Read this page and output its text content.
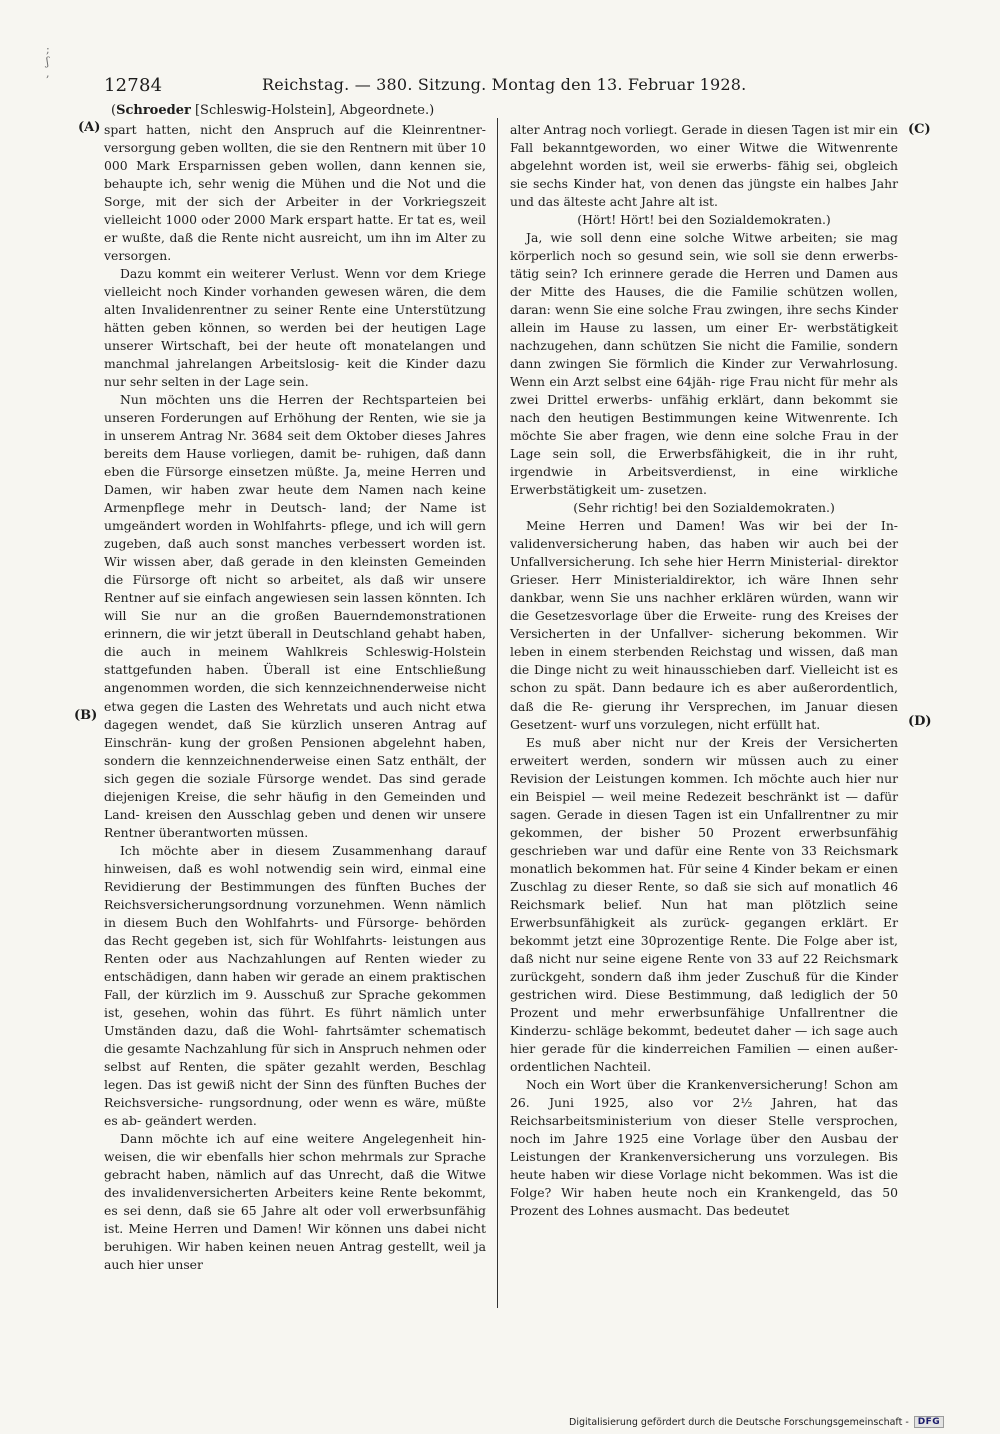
;
ʃ
,
12784	Reichstag. — 380. Sitzung. Montag den 13. Februar 1928.
(Schroeder [Schleswig-Holstein], Abgeordnete.)
(A)
(B)
(C)
(D)

spart hatten, nicht den Anspruch auf die Kleinrentner- versorgung geben wollten, die sie den Rentnern mit über 10 000 Mark Ersparnissen geben wollen, dann kennen sie, behaupte ich, sehr wenig die Mühen und die Not und die Sorge, mit der sich der Arbeiter in der Vorkriegszeit vielleicht 1000 oder 2000 Mark erspart hatte. Er tat es, weil er wußte, daß die Rente nicht ausreicht, um ihn im Alter zu versorgen.

Dazu kommt ein weiterer Verlust. Wenn vor dem Kriege vielleicht noch Kinder vorhanden gewesen wären, die dem alten Invalidenrentner zu seiner Rente eine Unterstützung hätten geben können, so werden bei der heutigen Lage unserer Wirtschaft, bei der heute oft monatelangen und manchmal jahrelangen Arbeitslosig- keit die Kinder dazu nur sehr selten in der Lage sein.

Nun möchten uns die Herren der Rechtsparteien bei unseren Forderungen auf Erhöhung der Renten, wie sie ja in unserem Antrag Nr. 3684 seit dem Oktober dieses Jahres bereits dem Hause vorliegen, damit be- ruhigen, daß dann eben die Fürsorge einsetzen müßte. Ja, meine Herren und Damen, wir haben zwar heute dem Namen nach keine Armenpflege mehr in Deutsch- land; der Name ist umgeändert worden in Wohlfahrts- pflege, und ich will gern zugeben, daß auch sonst manches verbessert worden ist. Wir wissen aber, daß gerade in den kleinsten Gemeinden die Fürsorge oft nicht so arbeitet, als daß wir unsere Rentner auf sie einfach angewiesen sein lassen könnten. Ich will Sie nur an die großen Bauerndemonstrationen erinnern, die wir jetzt überall in Deutschland gehabt haben, die auch in meinem Wahlkreis Schleswig-Holstein stattgefunden haben. Überall ist eine Entschließung angenommen worden, die sich kennzeichnenderweise nicht etwa gegen die Lasten des Wehretats und auch nicht etwa dagegen wendet, daß Sie kürzlich unseren Antrag auf Einschrän- kung der großen Pensionen abgelehnt haben, sondern die kennzeichnenderweise einen Satz enthält, der sich gegen die soziale Fürsorge wendet. Das sind gerade diejenigen Kreise, die sehr häufig in den Gemeinden und Land- kreisen den Ausschlag geben und denen wir unsere Rentner überantworten müssen.

Ich möchte aber in diesem Zusammenhang darauf hinweisen, daß es wohl notwendig sein wird, einmal eine Revidierung der Bestimmungen des fünften Buches der Reichsversicherungsordnung vorzunehmen. Wenn nämlich in diesem Buch den Wohlfahrts- und Fürsorge- behörden das Recht gegeben ist, sich für Wohlfahrts- leistungen aus Renten oder aus Nachzahlungen auf Renten wieder zu entschädigen, dann haben wir gerade an einem praktischen Fall, der kürzlich im 9. Ausschuß zur Sprache gekommen ist, gesehen, wohin das führt. Es führt nämlich unter Umständen dazu, daß die Wohl- fahrtsämter schematisch die gesamte Nachzahlung für sich in Anspruch nehmen oder selbst auf Renten, die später gezahlt werden, Beschlag legen. Das ist gewiß nicht der Sinn des fünften Buches der Reichsversiche- rungsordnung, oder wenn es wäre, müßte es ab- geändert werden.

Dann möchte ich auf eine weitere Angelegenheit hin- weisen, die wir ebenfalls hier schon mehrmals zur Sprache gebracht haben, nämlich auf das Unrecht, daß die Witwe des invalidenversicherten Arbeiters keine Rente bekommt, es sei denn, daß sie 65 Jahre alt oder voll erwerbsunfähig ist. Meine Herren und Damen! Wir können uns dabei nicht beruhigen. Wir haben keinen neuen Antrag gestellt, weil ja auch hier unser

alter Antrag noch vorliegt. Gerade in diesen Tagen ist mir ein Fall bekanntgeworden, wo einer Witwe die Witwenrente abgelehnt worden ist, weil sie erwerbs- fähig sei, obgleich sie sechs Kinder hat, von denen das jüngste ein halbes Jahr und das älteste acht Jahre alt ist.

(Hört! Hört! bei den Sozialdemokraten.)

Ja, wie soll denn eine solche Witwe arbeiten; sie mag körperlich noch so gesund sein, wie soll sie denn erwerbs- tätig sein? Ich erinnere gerade die Herren und Damen aus der Mitte des Hauses, die die Familie schützen wollen, daran: wenn Sie eine solche Frau zwingen, ihre sechs Kinder allein im Hause zu lassen, um einer Er- werbstätigkeit nachzugehen, dann schützen Sie nicht die Familie, sondern dann zwingen Sie förmlich die Kinder zur Verwahrlosung. Wenn ein Arzt selbst eine 64jäh- rige Frau nicht für mehr als zwei Drittel erwerbs- unfähig erklärt, dann bekommt sie nach den heutigen Bestimmungen keine Witwenrente. Ich möchte Sie aber fragen, wie denn eine solche Frau in der Lage sein soll, die Erwerbsfähigkeit, die in ihr ruht, irgendwie in Arbeitsverdienst, in eine wirkliche Erwerbstätigkeit um- zusetzen.

(Sehr richtig! bei den Sozialdemokraten.)

Meine Herren und Damen! Was wir bei der In- validenversicherung haben, das haben wir auch bei der Unfallversicherung. Ich sehe hier Herrn Ministerial- direktor Grieser. Herr Ministerialdirektor, ich wäre Ihnen sehr dankbar, wenn Sie uns nachher erklären würden, wann wir die Gesetzesvorlage über die Erweite- rung des Kreises der Versicherten in der Unfallver- sicherung bekommen. Wir leben in einem sterbenden Reichstag und wissen, daß man die Dinge nicht zu weit hinausschieben darf. Vielleicht ist es schon zu spät. Dann bedaure ich es aber außerordentlich, daß die Re- gierung ihr Versprechen, im Januar diesen Gesetzent- wurf uns vorzulegen, nicht erfüllt hat.

Es muß aber nicht nur der Kreis der Versicherten erweitert werden, sondern wir müssen auch zu einer Revision der Leistungen kommen. Ich möchte auch hier nur ein Beispiel — weil meine Redezeit beschränkt ist — dafür sagen. Gerade in diesen Tagen ist ein Unfallrentner zu mir gekommen, der bisher 50 Prozent erwerbsunfähig geschrieben war und dafür eine Rente von 33 Reichsmark monatlich bekommen hat. Für seine 4 Kinder bekam er einen Zuschlag zu dieser Rente, so daß sie sich auf monatlich 46 Reichsmark belief. Nun hat man plötzlich seine Erwerbsunfähigkeit als zurück- gegangen erklärt. Er bekommt jetzt eine 30prozentige Rente. Die Folge aber ist, daß nicht nur seine eigene Rente von 33 auf 22 Reichsmark zurückgeht, sondern daß ihm jeder Zuschuß für die Kinder gestrichen wird. Diese Bestimmung, daß lediglich der 50 Prozent und mehr erwerbsunfähige Unfallrentner die Kinderzu- schläge bekommt, bedeutet daher — ich sage auch hier gerade für die kinderreichen Familien — einen außer- ordentlichen Nachteil.

Noch ein Wort über die Krankenversicherung! Schon am 26. Juni 1925, also vor 2½ Jahren, hat das Reichsarbeitsministerium von dieser Stelle versprochen, noch im Jahre 1925 eine Vorlage über den Ausbau der Leistungen der Krankenversicherung uns vorzulegen. Bis heute haben wir diese Vorlage nicht bekommen. Was ist die Folge? Wir haben heute noch ein Krankengeld, das 50 Prozent des Lohnes ausmacht. Das bedeutet

Digitalisierung gefördert durch die Deutsche Forschungsgemeinschaft -	DFG
